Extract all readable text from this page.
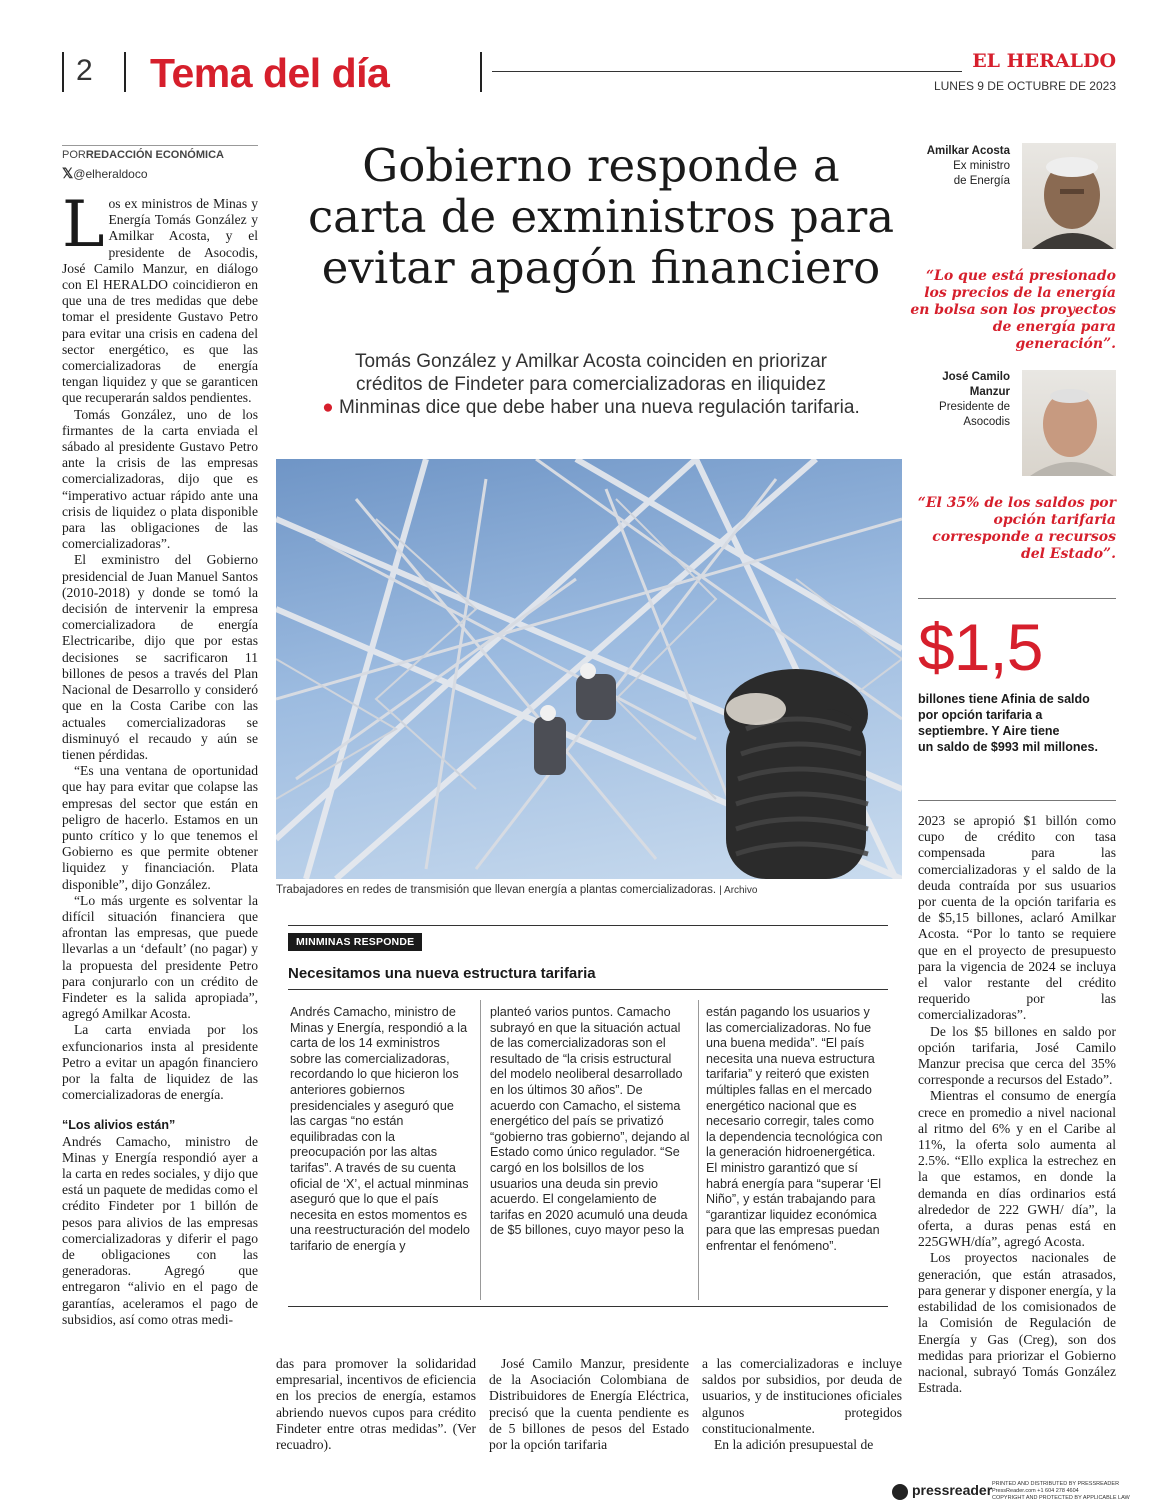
2 Tema del día	EL HERALDO
LUNES 9 DE OCTUBRE DE 2023
PORREDACCIÓN ECONÓMICA
𝕏@elheraldoco	Gobierno responde a
carta de exministros para
evitar apagón financiero
Tomás González y Amilkar Acosta coinciden en priorizar
créditos de Findeter para comercializadoras en iliquidez
● Minminas dice que debe haber una nueva regulación tarifaria.
Trabajadores en redes de transmisión que llevan energía a plantas comercializadoras. | Archivo

Los ex ministros de Minas y Energía Tomás González y Amilkar Acosta, y el presidente de Asocodis, José Camilo Manzur, en diálogo con El HERALDO coincidieron en que una de tres medidas que debe tomar el presidente Gustavo Petro para evitar una crisis en cadena del sector energético, es que las comercializadoras de energía tengan liquidez y que se garanticen que recuperarán saldos pendientes.

Tomás González, uno de los firmantes de la carta enviada el sábado al presidente Gustavo Petro ante la crisis de las empresas comercializadoras, dijo que es “imperativo actuar rápido ante una crisis de liquidez o plata disponible para las obligaciones de las comercializadoras”.

El exministro del Gobierno presidencial de Juan Manuel Santos (2010-2018) y donde se tomó la decisión de intervenir la empresa comercializadora de energía Electricaribe, dijo que por estas decisiones se sacrificaron 11 billones de pesos a través del Plan Nacional de Desarrollo y consideró que en la Costa Caribe con las actuales comercializadoras se disminuyó el recaudo y aún se tienen pérdidas.

“Es una ventana de oportunidad que hay para evitar que colapse las empresas del sector que están en peligro de hacerlo. Estamos en un punto crítico y lo que tenemos el Gobierno es que permite obtener liquidez y financiación. Plata disponible”, dijo González.

“Lo más urgente es solventar la difícil situación financiera que afrontan las empresas, que puede llevarlas a un ‘default’ (no pagar) y la propuesta del presidente Petro para conjurarlo con un crédito de Findeter es la salida apropiada”, agregó Amilkar Acosta.

La carta enviada por los exfuncionarios insta al presidente Petro a evitar un apagón financiero por la falta de liquidez de las comercializadoras de energía.

“Los alivios están”

Andrés Camacho, ministro de Minas y Energía respondió ayer a la carta en redes sociales, y dijo que está un paquete de medidas como el crédito Findeter por 1 billón de pesos para alivios de las empresas comercializadoras y diferir el pago de obligaciones con las generadoras. Agregó que entregaron “alivio en el pago de garantías, aceleramos el pago de subsidios, así como otras medi-

MINMINAS RESPONDE
Necesitamos una nueva estructura tarifaria
Andrés Camacho, ministro de Minas y Energía, respondió a la carta de los 14 exministros sobre las comercializadoras, recordando lo que hicieron los anteriores gobiernos presidenciales y aseguró que las cargas “no están equilibradas con la preocupación por las altas tarifas”. A través de su cuenta oficial de ‘X’, el actual minminas aseguró que lo que el país necesita en estos momentos es una reestructuración del modelo tarifario de energía y
planteó varios puntos. Camacho subrayó en que la situación actual de las comercializadoras son el resultado de “la crisis estructural del modelo neoliberal desarrollado en los últimos 30 años”. De acuerdo con Camacho, el sistema energético del país se privatizó “gobierno tras gobierno”, dejando al Estado como único regulador. “Se cargó en los bolsillos de los usuarios una deuda sin previo acuerdo. El congelamiento de tarifas en 2020 acumuló una deuda de $5 billones, cuyo mayor peso la
están pagando los usuarios y las comercializadoras. No fue una buena medida”. “El país necesita una nueva estructura tarifaria” y reiteró que existen múltiples fallas en el mercado energético nacional que es necesario corregir, tales como la dependencia tecnológica con la generación hidroenergética. El ministro garantizó que sí habrá energía para “superar ‘El Niño”, y están trabajando para “garantizar liquidez económica para que las empresas puedan enfrentar el fenómeno”.

das para promover la solidaridad empresarial, incentivos de eficiencia en los precios de energía, estamos abriendo nuevos cupos para crédito Findeter entre otras medidas”. (Ver recuadro).

José Camilo Manzur, presidente de la Asociación Colombiana de Distribuidores de Energía Eléctrica, precisó que la cuenta pendiente es de 5 billones de pesos del Estado por la opción tarifaria

a las comercializadoras e incluye saldos por subsidios, por deuda de usuarios, y de instituciones oficiales algunos protegidos constitucionalmente.

En la adición presupuestal de

Amilkar Acosta
Ex ministro
de Energía
“Lo que está presionado los precios de la energía en bolsa son los proyectos de energía para generación”.
José Camilo
Manzur
Presidente de
Asocodis
“El 35% de los saldos por opción tarifaria corresponde a recursos del Estado”.
$1,5
billones tiene Afinia de saldo
por opción tarifaria a
septiembre. Y Aire tiene
un saldo de $993 mil millones.

2023 se apropió $1 billón como cupo de crédito con tasa compensada para las comercializadoras y el saldo de la deuda contraída por sus usuarios por cuenta de la opción tarifaria es de $5,15 billones, aclaró Amilkar Acosta. “Por lo tanto se requiere que en el proyecto de presupuesto para la vigencia de 2024 se incluya el valor restante del crédito requerido por las comercializadoras”.

De los $5 billones en saldo por opción tarifaria, José Camilo Manzur precisa que cerca del 35% corresponde a recursos del Estado”.

Mientras el consumo de energía crece en promedio a nivel nacional al ritmo del 6% y en el Caribe al 11%, la oferta solo aumenta al 2.5%. “Ello explica la estrechez en la que estamos, en donde la demanda en días ordinarios está alrededor de 222 GWH/ día”, la oferta, a duras penas está en 225GWH/día”, agregó Acosta.

Los proyectos nacionales de generación, que están atrasados, para generar y disponer energía, y la estabilidad de los comisionados de la Comisión de Regulación de Energía y Gas (Creg), son dos medidas para priorizar el Gobierno nacional, subrayó Tomás González Estrada.

pressreader PRINTED AND DISTRIBUTED BY PRESSREADER
PressReader.com +1 604 278 4604
COPYRIGHT AND PROTECTED BY APPLICABLE LAW
